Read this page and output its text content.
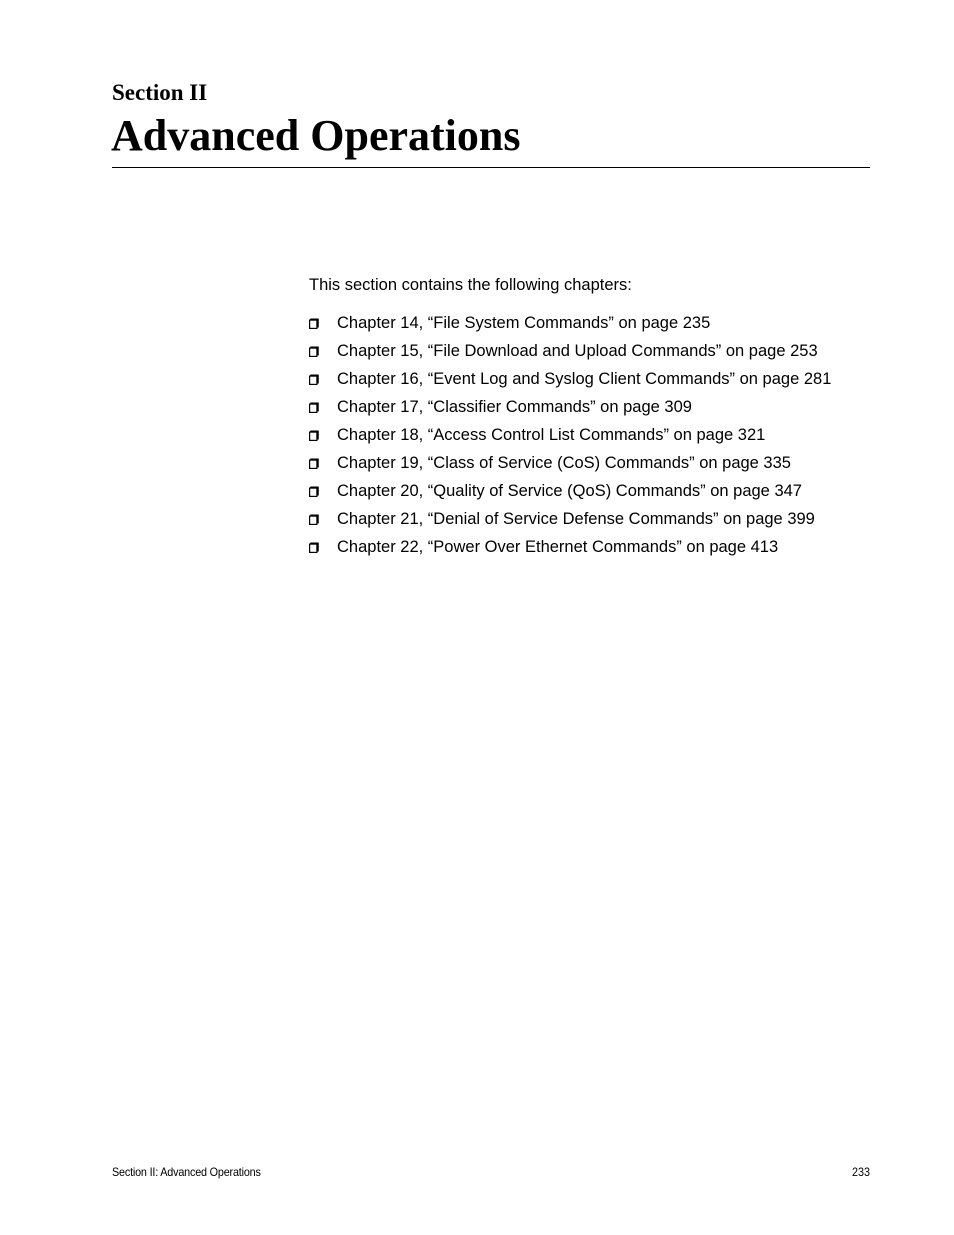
Section II
Advanced Operations

This section contains the following chapters:

Chapter 14, “File System Commands” on page 235
Chapter 15, “File Download and Upload Commands” on page 253
Chapter 16, “Event Log and Syslog Client Commands” on page 281
Chapter 17, “Classifier Commands” on page 309
Chapter 18, “Access Control List Commands” on page 321
Chapter 19, “Class of Service (CoS) Commands” on page 335
Chapter 20, “Quality of Service (QoS) Commands” on page 347
Chapter 21, “Denial of Service Defense Commands” on page 399
Chapter 22, “Power Over Ethernet Commands” on page 413
Section II: Advanced Operations	233
